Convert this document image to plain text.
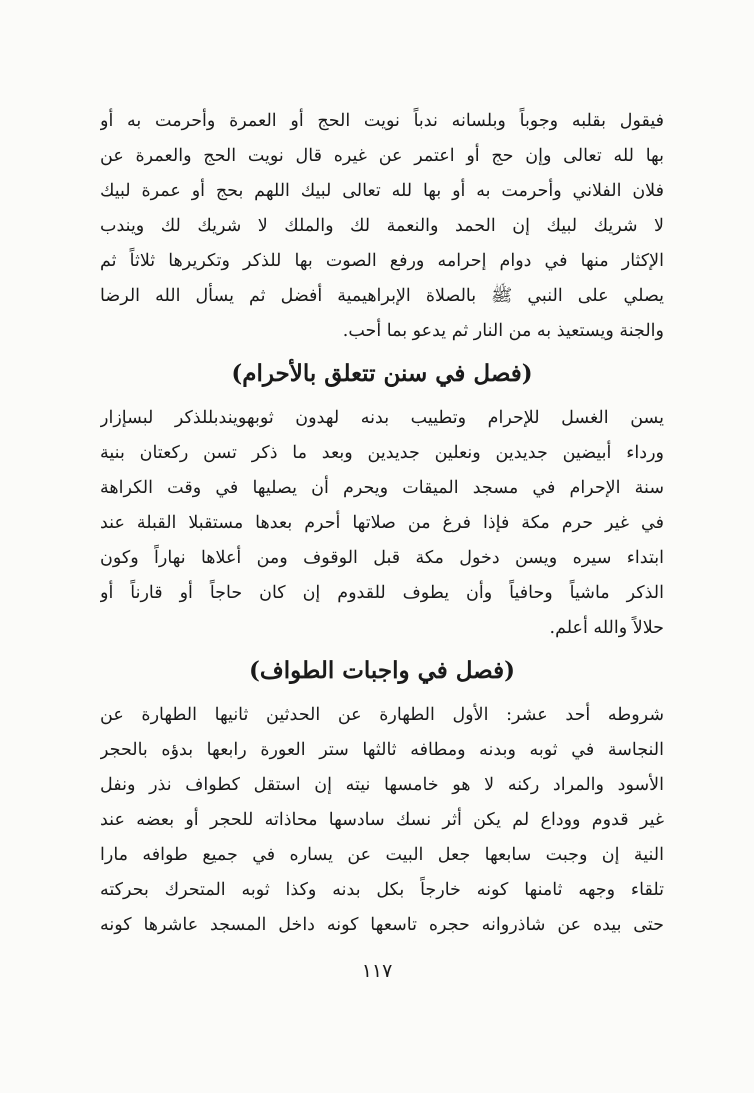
فيقول بقلبه وجوباً وبلسانه ندباً نويت الحج أو العمرة وأحرمت به أو
بها لله تعالى وإن حج أو اعتمر عن غيره قال نويت الحج والعمرة عن
فلان الفلاني وأحرمت به أو بها لله تعالى لبيك اللهم بحج أو عمرة لبيك
لا شريك لبيك إن الحمد والنعمة لك والملك لا شريك لك ويندب
الإكثار منها في دوام إحرامه ورفع الصوت بها للذكر وتكريرها ثلاثاً ثم
يصلي على النبي ﷺ بالصلاة الإبراهيمية أفضل ثم يسأل الله الرضا
والجنة ويستعيذ به من النار ثم يدعو بما أحب.
(فصل في سنن تتعلق بالأحرام)
يسن الغسل للإحرام وتطييب بدنه لهدون ثوبهويندبللذكر لبسإزار
ورداء أبيضين جديدين ونعلين جديدين وبعد ما ذكر تسن ركعتان بنية
سنة الإحرام في مسجد الميقات ويحرم أن يصليها في وقت الكراهة
في غير حرم مكة فإذا فرغ من صلاتها أحرم بعدها مستقبلا القبلة عند
ابتداء سيره ويسن دخول مكة قبل الوقوف ومن أعلاها نهاراً وكون
الذكر ماشياً وحافياً وأن يطوف للقدوم إن كان حاجاً أو قارناً أو
حلالاً والله أعلم.
(فصل في واجبات الطواف)
شروطه أحد عشر: الأول الطهارة عن الحدثين ثانيها الطهارة عن
النجاسة في ثوبه وبدنه ومطافه ثالثها ستر العورة رابعها بدؤه بالحجر
الأسود والمراد ركنه لا هو خامسها نيته إن استقل كطواف نذر ونفل
غير قدوم ووداع لم يكن أثر نسك سادسها محاذاته للحجر أو بعضه عند
النية إن وجبت سابعها جعل البيت عن يساره في جميع طوافه مارا
تلقاء وجهه ثامنها كونه خارجاً بكل بدنه وكذا ثوبه المتحرك بحركته
حتى بيده عن شاذروانه حجره تاسعها كونه داخل المسجد عاشرها كونه
١١٧
